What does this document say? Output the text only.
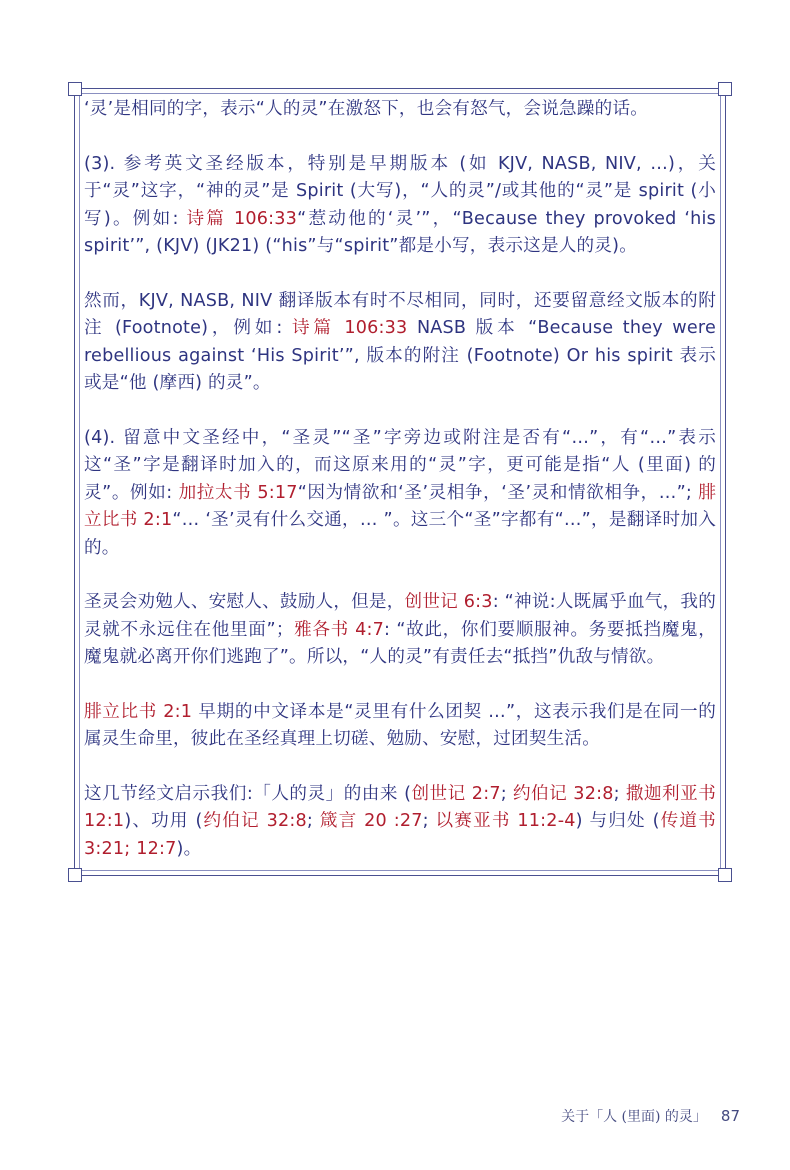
‘灵’是相同的字，表示“人的灵”在激怒下，也会有怒气，会说急躁的话。

(3). 参考英文圣经版本，特别是早期版本 (如 KJV, NASB, NIV, …)，关于“灵”这字，“神的灵”是 Spirit (大写)，“人的灵”/或其他的“灵”是 spirit (小写)。例如: 诗篇 106:33“惹动他的‘灵’”，“Because they provoked ‘his spirit’”, (KJV) (JK21) (“his”与“spirit”都是小写，表示这是人的灵)。

然而，KJV, NASB, NIV 翻译版本有时不尽相同，同时，还要留意经文版本的附注 (Footnote)，例如: 诗篇 106:33 NASB 版本 “Because they were rebellious against ‘His Spirit’”, 版本的附注 (Footnote) Or his spirit 表示或是“他 (摩西) 的灵”。

(4). 留意中文圣经中，“圣灵”“圣”字旁边或附注是否有“…”，有“…”表示这“圣”字是翻译时加入的，而这原来用的“灵”字，更可能是指“人 (里面) 的灵”。例如: 加拉太书 5:17“因为情欲和‘圣’灵相争，‘圣’灵和情欲相争，…”; 腓立比书 2:1“… ‘圣’灵有什么交通，… ”。这三个“圣”字都有“…”，是翻译时加入的。

圣灵会劝勉人、安慰人、鼓励人，但是，创世记 6:3: “神说:人既属乎血气，我的灵就不永远住在他里面”；雅各书 4:7: “故此，你们要顺服神。务要抵挡魔鬼，魔鬼就必离开你们逃跑了”。所以，“人的灵”有责任去“抵挡”仇敌与情欲。

腓立比书 2:1 早期的中文译本是“灵里有什么团契 …”，这表示我们是在同一的属灵生命里，彼此在圣经真理上切磋、勉励、安慰，过团契生活。

这几节经文启示我们:「人的灵」的由来 (创世记 2:7; 约伯记 32:8; 撒迦利亚书 12:1)、功用 (约伯记 32:8; 箴言 20 :27; 以赛亚书 11:2-4) 与归处 (传道书 3:21; 12:7)。

关于「人 (里面) 的灵」 87
